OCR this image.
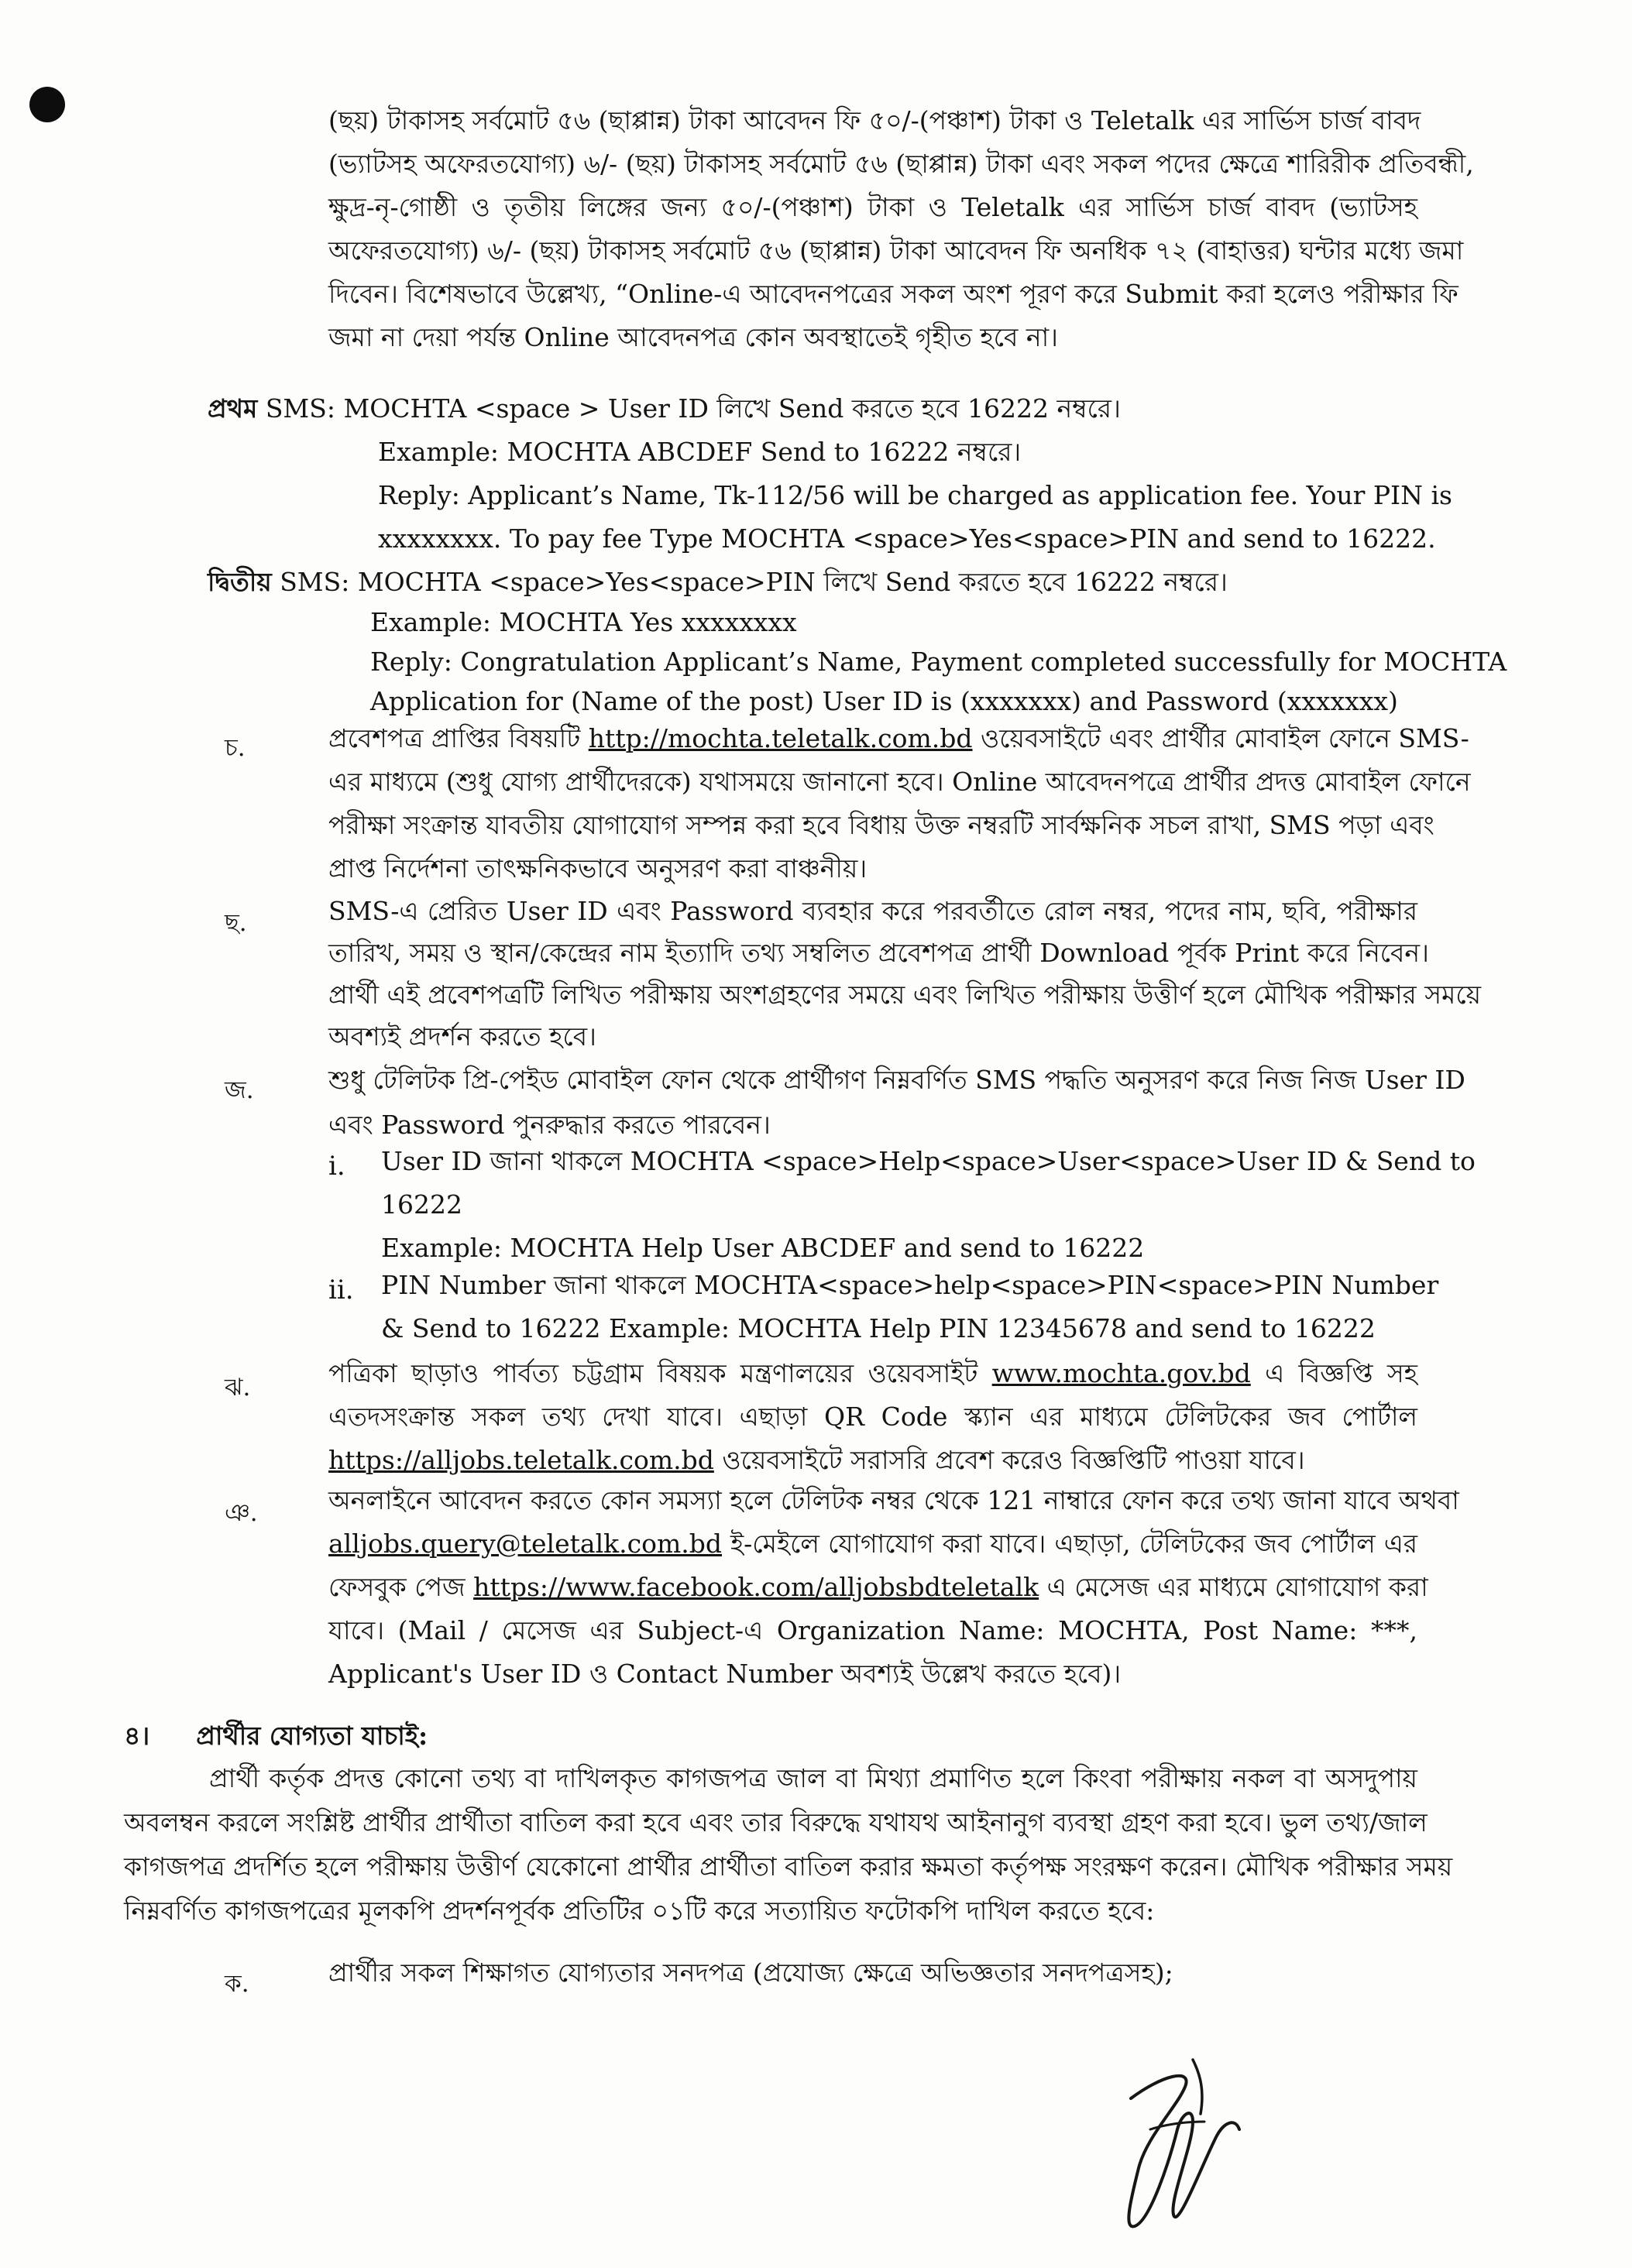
(ছয়) টাকাসহ সর্বমোট ৫৬ (ছাপ্পান্ন) টাকা আবেদন ফি ৫০/-(পঞ্চাশ) টাকা ও Teletalk এর সার্ভিস চার্জ বাবদ
(ভ্যাটসহ অফেরতযোগ্য) ৬/- (ছয়) টাকাসহ সর্বমোট ৫৬ (ছাপ্পান্ন) টাকা এবং সকল পদের ক্ষেত্রে শারিরীক প্রতিবন্ধী,
ক্ষুদ্র-নৃ-গোষ্ঠী ও তৃতীয় লিঙ্গের জন্য ৫০/-(পঞ্চাশ) টাকা ও Teletalk এর সার্ভিস চার্জ বাবদ (ভ্যাটসহ
অফেরতযোগ্য) ৬/- (ছয়) টাকাসহ সর্বমোট ৫৬ (ছাপ্পান্ন) টাকা আবেদন ফি অনধিক ৭২ (বাহাত্তর) ঘন্টার মধ্যে জমা
দিবেন। বিশেষভাবে উল্লেখ্য, “Online-এ আবেদনপত্রের সকল অংশ পূরণ করে Submit করা হলেও পরীক্ষার ফি
জমা না দেয়া পর্যন্ত Online আবেদনপত্র কোন অবস্থাতেই গৃহীত হবে না।
প্রথম SMS: MOCHTA <space > User ID লিখে Send করতে হবে 16222 নম্বরে।
Example: MOCHTA ABCDEF Send to 16222 নম্বরে।
Reply: Applicant’s Name, Tk-112/56 will be charged as application fee. Your PIN is
xxxxxxxx. To pay fee Type MOCHTA <space>Yes<space>PIN and send to 16222.
দ্বিতীয় SMS: MOCHTA <space>Yes<space>PIN লিখে Send করতে হবে 16222 নম্বরে।
Example: MOCHTA Yes xxxxxxxx
Reply: Congratulation Applicant’s Name, Payment completed successfully for MOCHTA
Application for (Name of the post) User ID is (xxxxxxx) and Password (xxxxxxx)
চ.	প্রবেশপত্র প্রাপ্তির বিষয়টি http://mochta.teletalk.com.bd ওয়েবসাইটে এবং প্রার্থীর মোবাইল ফোনে SMS-
এর মাধ্যমে (শুধু যোগ্য প্রার্থীদেরকে) যথাসময়ে জানানো হবে। Online আবেদনপত্রে প্রার্থীর প্রদত্ত মোবাইল ফোনে
পরীক্ষা সংক্রান্ত যাবতীয় যোগাযোগ সম্পন্ন করা হবে বিধায় উক্ত নম্বরটি সার্বক্ষনিক সচল রাখা, SMS পড়া এবং
প্রাপ্ত নির্দেশনা তাৎক্ষনিকভাবে অনুসরণ করা বাঞ্চনীয়।
ছ.	SMS-এ প্রেরিত User ID এবং Password ব্যবহার করে পরবর্তীতে রোল নম্বর, পদের নাম, ছবি, পরীক্ষার
তারিখ, সময় ও স্থান/কেন্দ্রের নাম ইত্যাদি তথ্য সম্বলিত প্রবেশপত্র প্রার্থী Download পূর্বক Print করে নিবেন।
প্রার্থী এই প্রবেশপত্রটি লিখিত পরীক্ষায় অংশগ্রহণের সময়ে এবং লিখিত পরীক্ষায় উত্তীর্ণ হলে মৌখিক পরীক্ষার সময়ে
অবশ্যই প্রদর্শন করতে হবে।
জ.	শুধু টেলিটক প্রি-পেইড মোবাইল ফোন থেকে প্রার্থীগণ নিম্নবর্ণিত SMS পদ্ধতি অনুসরণ করে নিজ নিজ User ID
এবং Password পুনরুদ্ধার করতে পারবেন।
i. User ID জানা থাকলে MOCHTA <space>Help<space>User<space>User ID & Send to
16222
Example: MOCHTA Help User ABCDEF and send to 16222
ii. PIN Number জানা থাকলে MOCHTA<space>help<space>PIN<space>PIN Number
& Send to 16222 Example: MOCHTA Help PIN 12345678 and send to 16222
ঝ.	পত্রিকা ছাড়াও পার্বত্য চট্টগ্রাম বিষয়ক মন্ত্রণালয়ের ওয়েবসাইট www.mochta.gov.bd এ বিজ্ঞপ্তি সহ
এতদসংক্রান্ত সকল তথ্য দেখা যাবে। এছাড়া QR Code স্ক্যান এর মাধ্যমে টেলিটকের জব পোর্টাল
https://alljobs.teletalk.com.bd ওয়েবসাইটে সরাসরি প্রবেশ করেও বিজ্ঞপ্তিটি পাওয়া যাবে।
ঞ.	অনলাইনে আবেদন করতে কোন সমস্যা হলে টেলিটক নম্বর থেকে 121 নাম্বারে ফোন করে তথ্য জানা যাবে অথবা
alljobs.query@teletalk.com.bd ই-মেইলে যোগাযোগ করা যাবে। এছাড়া, টেলিটকের জব পোর্টাল এর
ফেসবুক পেজ https://www.facebook.com/alljobsbdteletalk এ মেসেজ এর মাধ্যমে যোগাযোগ করা
যাবে। (Mail / মেসেজ এর Subject-এ Organization Name: MOCHTA, Post Name: ***,
Applicant's User ID ও Contact Number অবশ্যই উল্লেখ করতে হবে)।
৪। প্রার্থীর যোগ্যতা যাচাই:
প্রার্থী কর্তৃক প্রদত্ত কোনো তথ্য বা দাখিলকৃত কাগজপত্র জাল বা মিথ্যা প্রমাণিত হলে কিংবা পরীক্ষায় নকল বা অসদুপায়
অবলম্বন করলে সংশ্লিষ্ট প্রার্থীর প্রার্থীতা বাতিল করা হবে এবং তার বিরুদ্ধে যথাযথ আইনানুগ ব্যবস্থা গ্রহণ করা হবে। ভুল তথ্য/জাল
কাগজপত্র প্রদর্শিত হলে পরীক্ষায় উত্তীর্ণ যেকোনো প্রার্থীর প্রার্থীতা বাতিল করার ক্ষমতা কর্তৃপক্ষ সংরক্ষণ করেন। মৌখিক পরীক্ষার সময়
নিম্নবর্ণিত কাগজপত্রের মূলকপি প্রদর্শনপূর্বক প্রতিটির ০১টি করে সত্যায়িত ফটোকপি দাখিল করতে হবে:
ক.	প্রার্থীর সকল শিক্ষাগত যোগ্যতার সনদপত্র (প্রযোজ্য ক্ষেত্রে অভিজ্ঞতার সনদপত্রসহ);
